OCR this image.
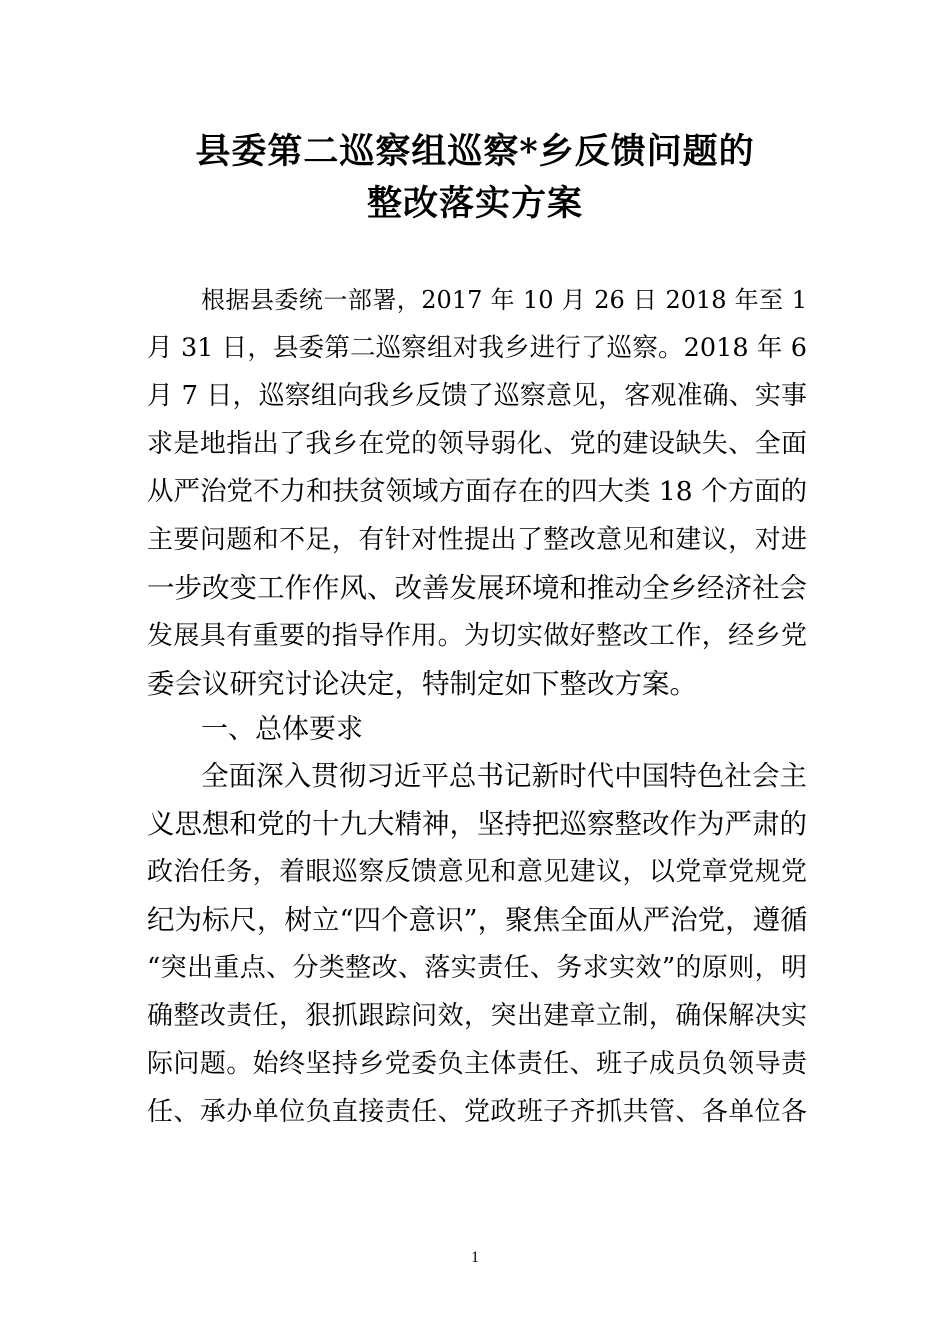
县委第二巡察组巡察*乡反馈问题的
整改落实方案
根据县委统一部署，2017 年 10 月 26 日 2018 年至 1
月 31 日，县委第二巡察组对我乡进行了巡察。2018 年 6
月 7 日，巡察组向我乡反馈了巡察意见，客观准确、实事
求是地指出了我乡在党的领导弱化、党的建设缺失、全面
从严治党不力和扶贫领域方面存在的四大类 18 个方面的
主要问题和不足，有针对性提出了整改意见和建议，对进
一步改变工作作风、改善发展环境和推动全乡经济社会
发展具有重要的指导作用。为切实做好整改工作，经乡党
委会议研究讨论决定，特制定如下整改方案。
一、总体要求
全面深入贯彻习近平总书记新时代中国特色社会主
义思想和党的十九大精神，坚持把巡察整改作为严肃的
政治任务，着眼巡察反馈意见和意见建议，以党章党规党
纪为标尺，树立“四个意识”，聚焦全面从严治党，遵循
“突出重点、分类整改、落实责任、务求实效”的原则，明
确整改责任，狠抓跟踪问效，突出建章立制，确保解决实
际问题。始终坚持乡党委负主体责任、班子成员负领导责
任、承办单位负直接责任、党政班子齐抓共管、各单位各
1
